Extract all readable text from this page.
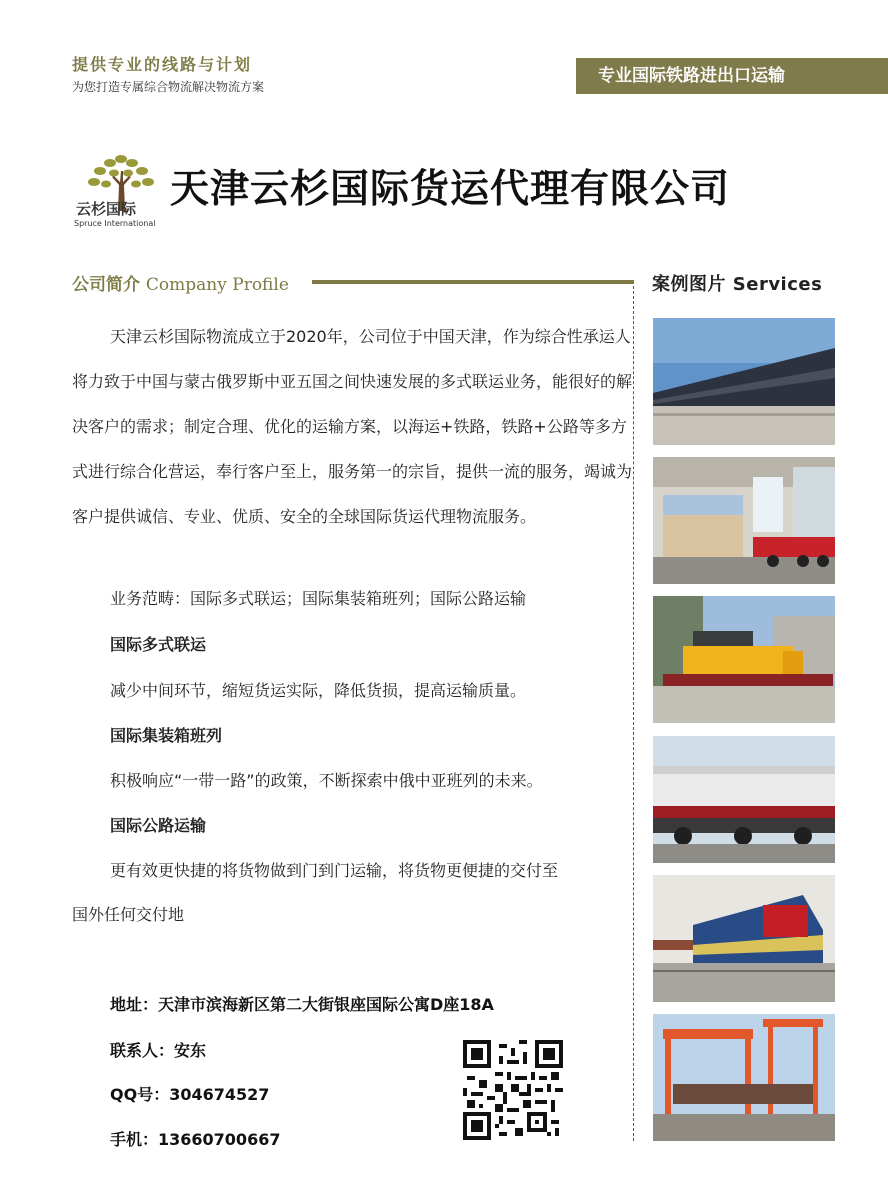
提供专业的线路与计划
为您打造专属综合物流解决物流方案
专业国际铁路进出口运输
云杉国际
Spruce International
天津云杉国际货运代理有限公司
公司简介 Company Profile	案例图片 Services
天津云杉国际物流成立于2020年，公司位于中国天津，作为综合性承运人将力致于中国与蒙古俄罗斯中亚五国之间快速发展的多式联运业务，能很好的解决客户的需求；制定合理、优化的运输方案，以海运+铁路，铁路+公路等多方式进行综合化营运，奉行客户至上，服务第一的宗旨，提供一流的服务，竭诚为客户提供诚信、专业、优质、安全的全球国际货运代理物流服务。
业务范畴：国际多式联运；国际集装箱班列；国际公路运输
国际多式联运
减少中间环节，缩短货运实际，降低货损，提高运输质量。
国际集装箱班列
积极响应“一带一路”的政策，不断探索中俄中亚班列的未来。
国际公路运输
更有效更快捷的将货物做到门到门运输，将货物更便捷的交付至
国外任何交付地
地址：天津市滨海新区第二大街银座国际公寓D座18A
联系人：安东
QQ号：304674527
手机：13660700667
